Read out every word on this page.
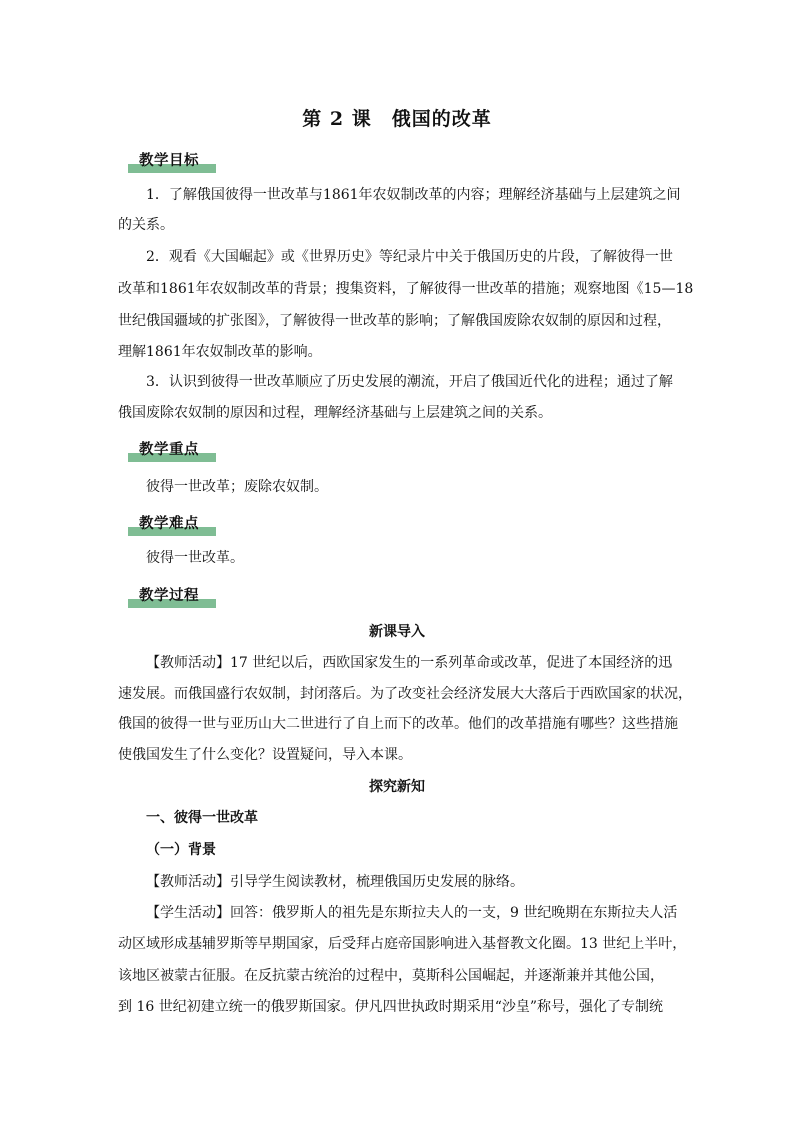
第 2 课　俄国的改革
教学目标
1．了解俄国彼得一世改革与1861年农奴制改革的内容；理解经济基础与上层建筑之间
的关系。
2．观看《大国崛起》或《世界历史》等纪录片中关于俄国历史的片段，了解彼得一世
改革和1861年农奴制改革的背景；搜集资料，了解彼得一世改革的措施；观察地图《15—18
世纪俄国疆域的扩张图》，了解彼得一世改革的影响；了解俄国废除农奴制的原因和过程，
理解1861年农奴制改革的影响。
3．认识到彼得一世改革顺应了历史发展的潮流，开启了俄国近代化的进程；通过了解
俄国废除农奴制的原因和过程，理解经济基础与上层建筑之间的关系。
教学重点
彼得一世改革；废除农奴制。
教学难点
彼得一世改革。
教学过程
新课导入
【教师活动】17 世纪以后，西欧国家发生的一系列革命或改革，促进了本国经济的迅
速发展。而俄国盛行农奴制，封闭落后。为了改变社会经济发展大大落后于西欧国家的状况，
俄国的彼得一世与亚历山大二世进行了自上而下的改革。他们的改革措施有哪些？这些措施
使俄国发生了什么变化？设置疑问，导入本课。
探究新知
一、彼得一世改革
（一）背景
【教师活动】引导学生阅读教材，梳理俄国历史发展的脉络。
【学生活动】回答：俄罗斯人的祖先是东斯拉夫人的一支，9 世纪晚期在东斯拉夫人活
动区域形成基辅罗斯等早期国家，后受拜占庭帝国影响进入基督教文化圈。13 世纪上半叶，
该地区被蒙古征服。在反抗蒙古统治的过程中，莫斯科公国崛起，并逐渐兼并其他公国，
到 16 世纪初建立统一的俄罗斯国家。伊凡四世执政时期采用“沙皇”称号，强化了专制统
